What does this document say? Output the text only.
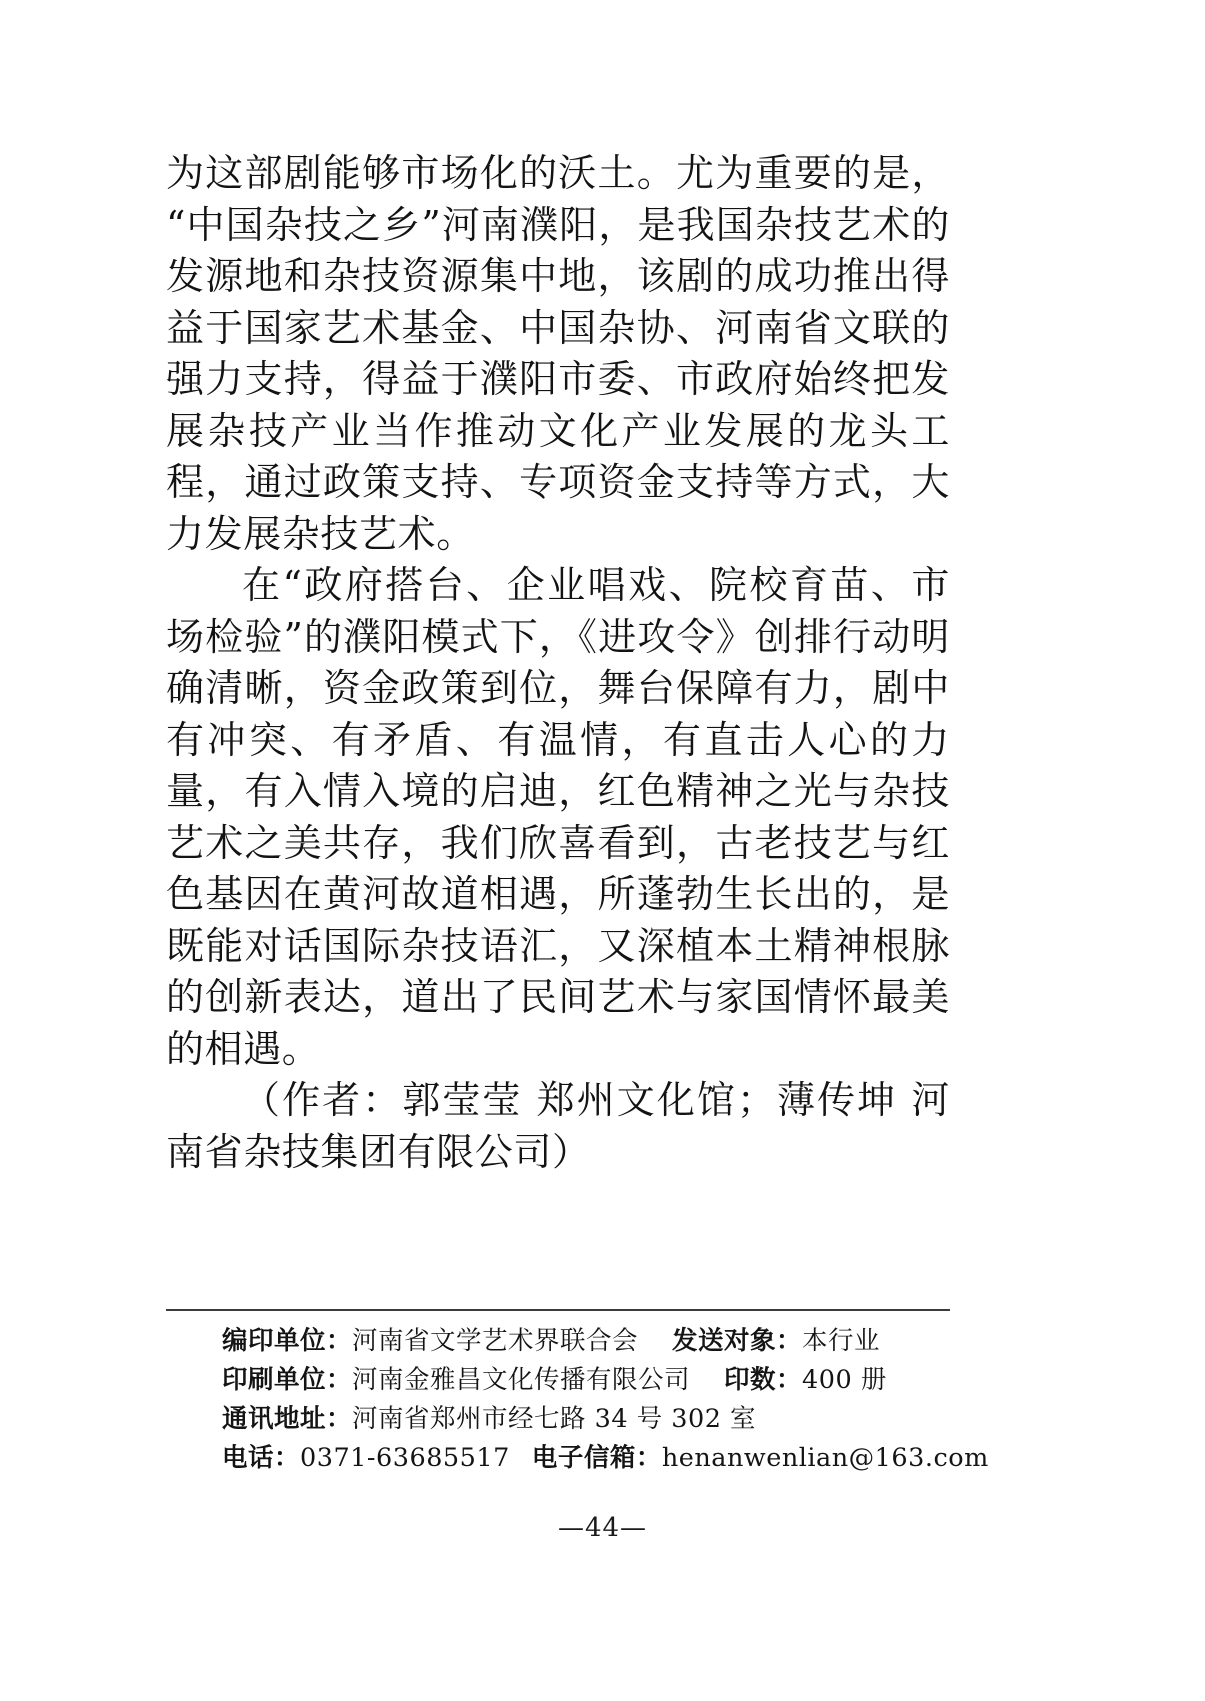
为这部剧能够市场化的沃土。尤为重要的是，“中国杂技之乡”河南濮阳，是我国杂技艺术的发源地和杂技资源集中地，该剧的成功推出得益于国家艺术基金、中国杂协、河南省文联的强力支持，得益于濮阳市委、市政府始终把发展杂技产业当作推动文化产业发展的龙头工程，通过政策支持、专项资金支持等方式，大力发展杂技艺术。

在“政府搭台、企业唱戏、院校育苗、市场检验”的濮阳模式下，《进攻令》创排行动明确清晰，资金政策到位，舞台保障有力，剧中有冲突、有矛盾、有温情，有直击人心的力量，有入情入境的启迪，红色精神之光与杂技艺术之美共存，我们欣喜看到，古老技艺与红色基因在黄河故道相遇，所蓬勃生长出的，是既能对话国际杂技语汇，又深植本土精神根脉的创新表达，道出了民间艺术与家国情怀最美的相遇。

（作者：郭莹莹 郑州文化馆；薄传坤 河南省杂技集团有限公司）

编印单位：河南省文学艺术界联合会 发送对象：本行业
印刷单位：河南金雅昌文化传播有限公司 印数：400 册
通讯地址：河南省郑州市经七路 34 号 302 室
电话：0371-63685517 电子信箱：henanwenlian@163.com
—44—
